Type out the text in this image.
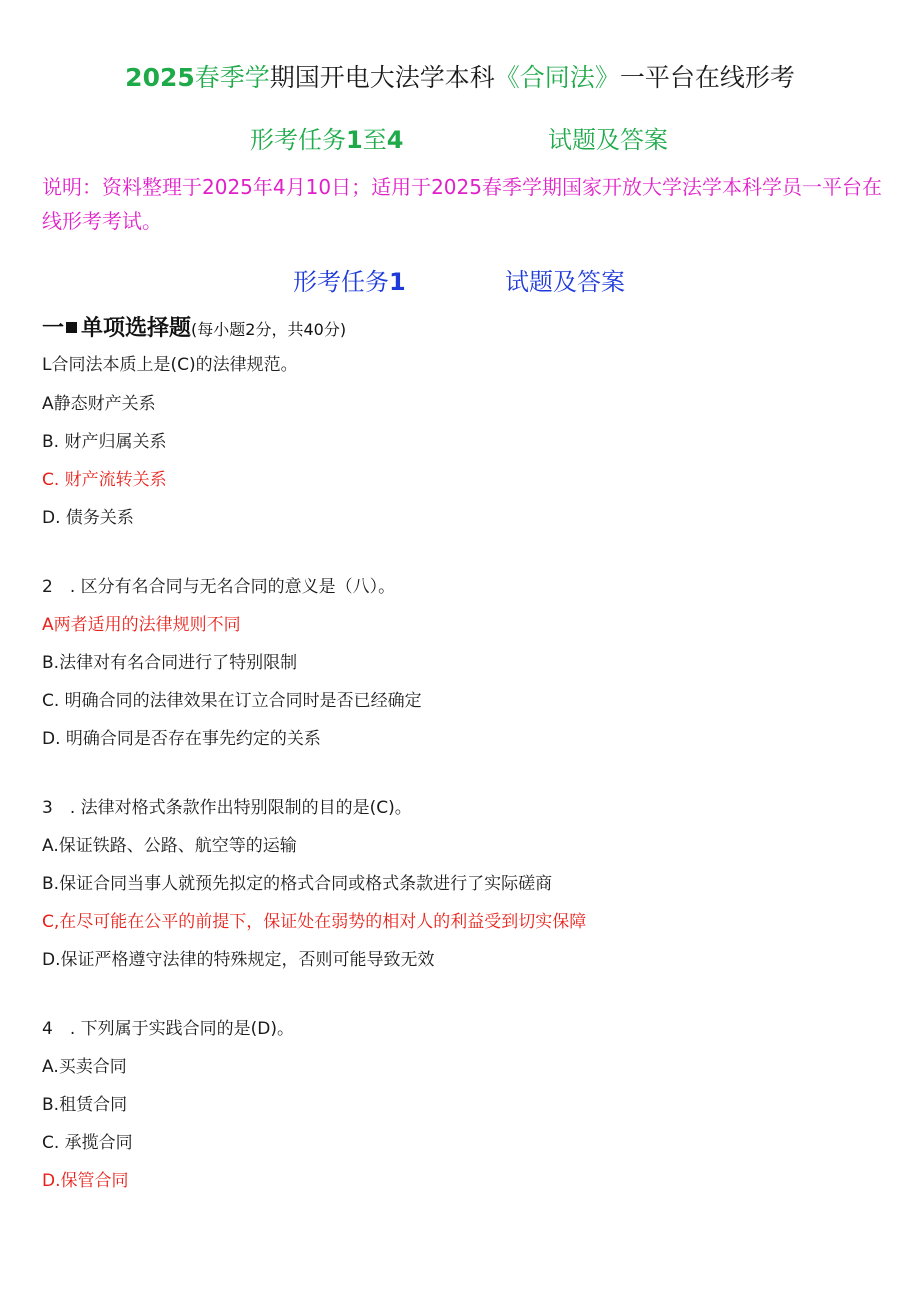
2025春季学期国开电大法学本科《合同法》一平台在线形考
形考任务1至4	试题及答案
说明：资料整理于2025年4月10日；适用于2025春季学期国家开放大学法学本科学员一平台在线形考考试。
形考任务1	试题及答案
一 单项选择题(每小题2分，共40分)
L合同法本质上是(C)的法律规范。
A静态财产关系
B. 财产归属关系
C. 财产流转关系
D. 债务关系
2　. 区分有名合同与无名合同的意义是（八）。
A两者适用的法律规则不同
B.法律对有名合同进行了特别限制
C. 明确合同的法律效果在订立合同时是否已经确定
D. 明确合同是否存在事先约定的关系
3　. 法律对格式条款作出特别限制的目的是(C)。
A.保证铁路、公路、航空等的运输
B.保证合同当事人就预先拟定的格式合同或格式条款进行了实际磋商
C,在尽可能在公平的前提下，保证处在弱势的相对人的利益受到切实保障
D.保证严格遵守法律的特殊规定，否则可能导致无效
4　. 下列属于实践合同的是(D)。
A.买卖合同
B.租赁合同
C. 承揽合同
D.保管合同
